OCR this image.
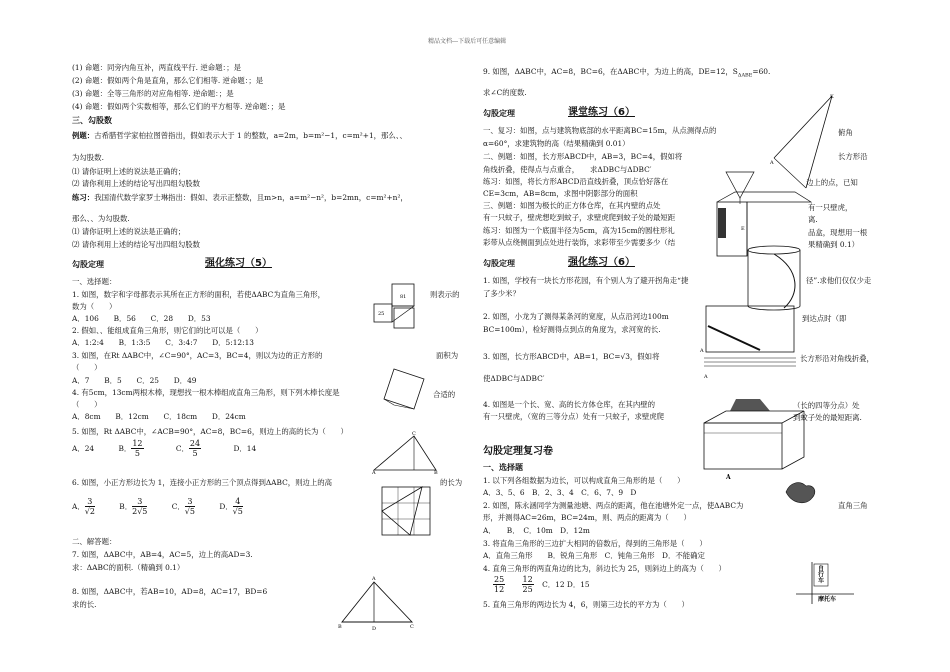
精品文档---下载后可任意编辑
(1) 命题：同旁内角互补，两直线平行. 逆命题：；是
(2) 命题：假如两个角是直角，那么它们相等. 逆命题：；是
(3) 命题：全等三角形的对应角相等. 逆命题：；是
(4) 命题：假如两个实数相等，那么它们的平方相等. 逆命题：；是
三、勾股数
例题：古希腊哲学家柏拉图曾指出，假如表示大于 1 的整数，a=2m，b=m²−1，c=m²+1，那么、、
为勾股数.
⑴ 请你证明上述的说法是正确的；
⑵ 请你利用上述的结论写出四组勾股数
练习：我国清代数学家罗士琳指出：假如、表示正整数，且m>n，a=m²−n²，b=2mn，c=m²+n²，
那么、、为勾股数.
⑴ 请你证明上述的说法是正确的；
⑵ 请你利用上述的结论写出四组勾股数
勾股定理	强化练习（5）
一、选择题：
1. 如图，数字和字母都表示其所在正方形的面积，若使ΔABC为直角三角形，	则表示的
数为（　　）
A．106　　B．56　　C．28　　D．53
2. 假如、、能组成直角三角形，则它们的比可以是（　　）
A．1:2:4　　B．1:3:5　　C．3:4:7　　D．5:12:13
3. 如图，在Rt ΔABC中，∠C=90°，AC=3，BC=4，则以为边的正方形的	面积为
（　　）
A．7　　B．5　　C．25　　D．49
4. 有5cm，13cm两根木棒，现想找一根木棒组成直角三角形，则下列木棒长度是	合适的
（　　）
A．8cm　　B．12cm　　C．18cm　　D．24cm
5. 如图，Rt ΔABC中，∠ACB=90°，AC=8，BC=6，则边上的高的长为（　　）
A．24	B． $\frac{12}{5}$	C． $\frac{24}{5}$	D．14
6. 如图，小正方形边长为 1，连接小正方形的三个顶点得到ΔABC，则边上的高	的长为
A． $\frac{3}{√2}$	B． $\frac{3}{2√5}$	C． $\frac{3}{√5}$	D． $\frac{4}{√5}$
二、解答题：
7. 如图，ΔABC中，AB=4，AC=5，边上的高AD=3.
求：ΔABC的面积.（精确到 0.1）
8. 如图，ΔABC中，若AB=10，AD=8，AC=17，BD=6
求的长.
81
25
C
A	B
A
B	D	C
9. 如图，ΔABC中，AC=8，BC=6，在ΔABC中，为边上的高，DE=12，$S_{\Delta ABE}=60$.
求∠C的度数.
勾股定理	课堂练习（6）
一、复习：如图，点与建筑物底部的水平距离BC=15m，从点测得点的	俯角
α=60°，求建筑物的高（结果精确到 0.01）
二、例题：如图，长方形ABCD中，AB=3，BC=4，假如将	长方形沿
角线折叠，使得点与点重合， 求ΔDBC与ΔDBC′
练习：如图，将长方形ABCD沿直线折叠，顶点恰好落在	边上的点，已知
CE=3cm，AB=8cm，求图中阴影部分的面积
三、例题：如图为极长的正方体仓库，在其内壁的点处	有一只壁虎，
有一只蚊子，壁虎想吃到蚊子，求壁虎爬到蚊子处的最短距	离.
练习：如图为一个底面半径为5cm，高为15cm的圆柱形礼	品盒，现想用一根
彩带从点绕侧面到点处进行装饰，求彩带至少需要多少（结	果精确到 0.1）
勾股定理	强化练习（6）
1. 如图，学校有一块长方形花园，有个别人为了避开拐角走“捷	径”.求他们仅仅少走
了多少米？
2. 如图，小龙为了测得某条河的宽度，从点沿河边100m	到达点时（即
BC=100m），检好测得点到点的角度为，求河宽的长.
3. 如图，长方形ABCD中，AB=1，BC=√3，假如将	长方形沿对角线折叠，
使ΔDBC与ΔDBC′
4. 如图是一个长、宽、高的长方体仓库，在其内壁的	（长的四等分点）处
有一只壁虎，（宽的三等分点）处有一只蚊子，求壁虎爬	到蚊子处的最短距离.
勾股定理复习卷
一、选择题
1. 以下列各组数据为边长，可以构成直角三角形的是（　　）
A．3、5、6　B．2、3、4　C．6、7、9　D
2. 如图，陈永涵同学为测量池塘、两点的距离，他在池塘外定一点，使ΔABC为	直角三角
形，并测得AC=26m，BC=24m，则、两点的距离为（　　）
A．　　B．　C．10m　D．12m
3. 将直角三角形的三边扩大相同的倍数后，得到的三角形是（　　）
A．直角三角形　　B．锐角三角形　C．钝角三角形　D．不能确定
4. 直角三角形的两直角边的比为，斜边长为 25，则斜边上的高为（　　）
$\frac{25}{12}$
$\frac{12}{25}$ C．12 D．15
5. 直角三角形的两边长为 4，6，则第三边长的平方为（　　）
K
A
E
A
A
A
自行车
摩托车
